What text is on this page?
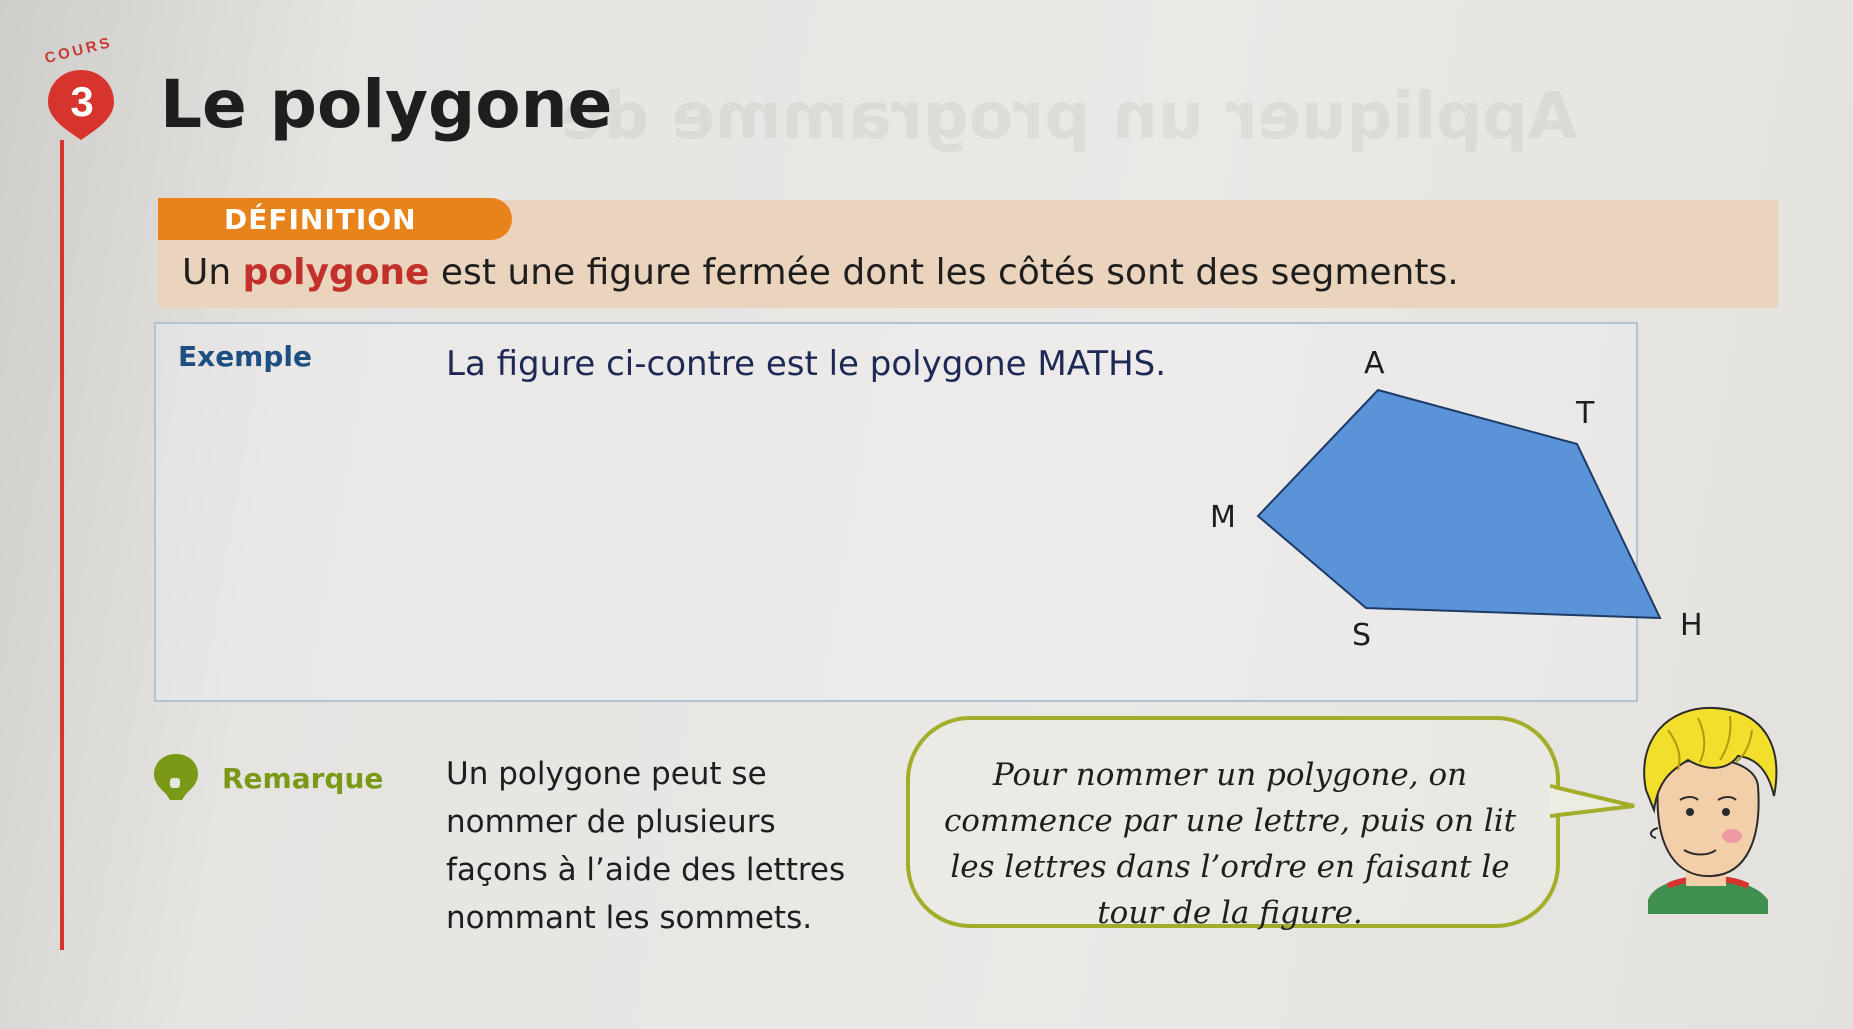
Appliquer un programme de
COURS
3 Le polygone
DÉFINITION
Un polygone est une figure fermée dont les côtés sont des segments.
Exemple	La figure ci-contre est le polygone MATHS.	A
T
H
S
M
Remarque Un polygone peut se nommer de plusieurs façons à l’aide des lettres nommant les sommets.
Pour nommer un polygone, on commence par une lettre, puis on lit les lettres dans l’ordre en faisant le tour de la figure.
